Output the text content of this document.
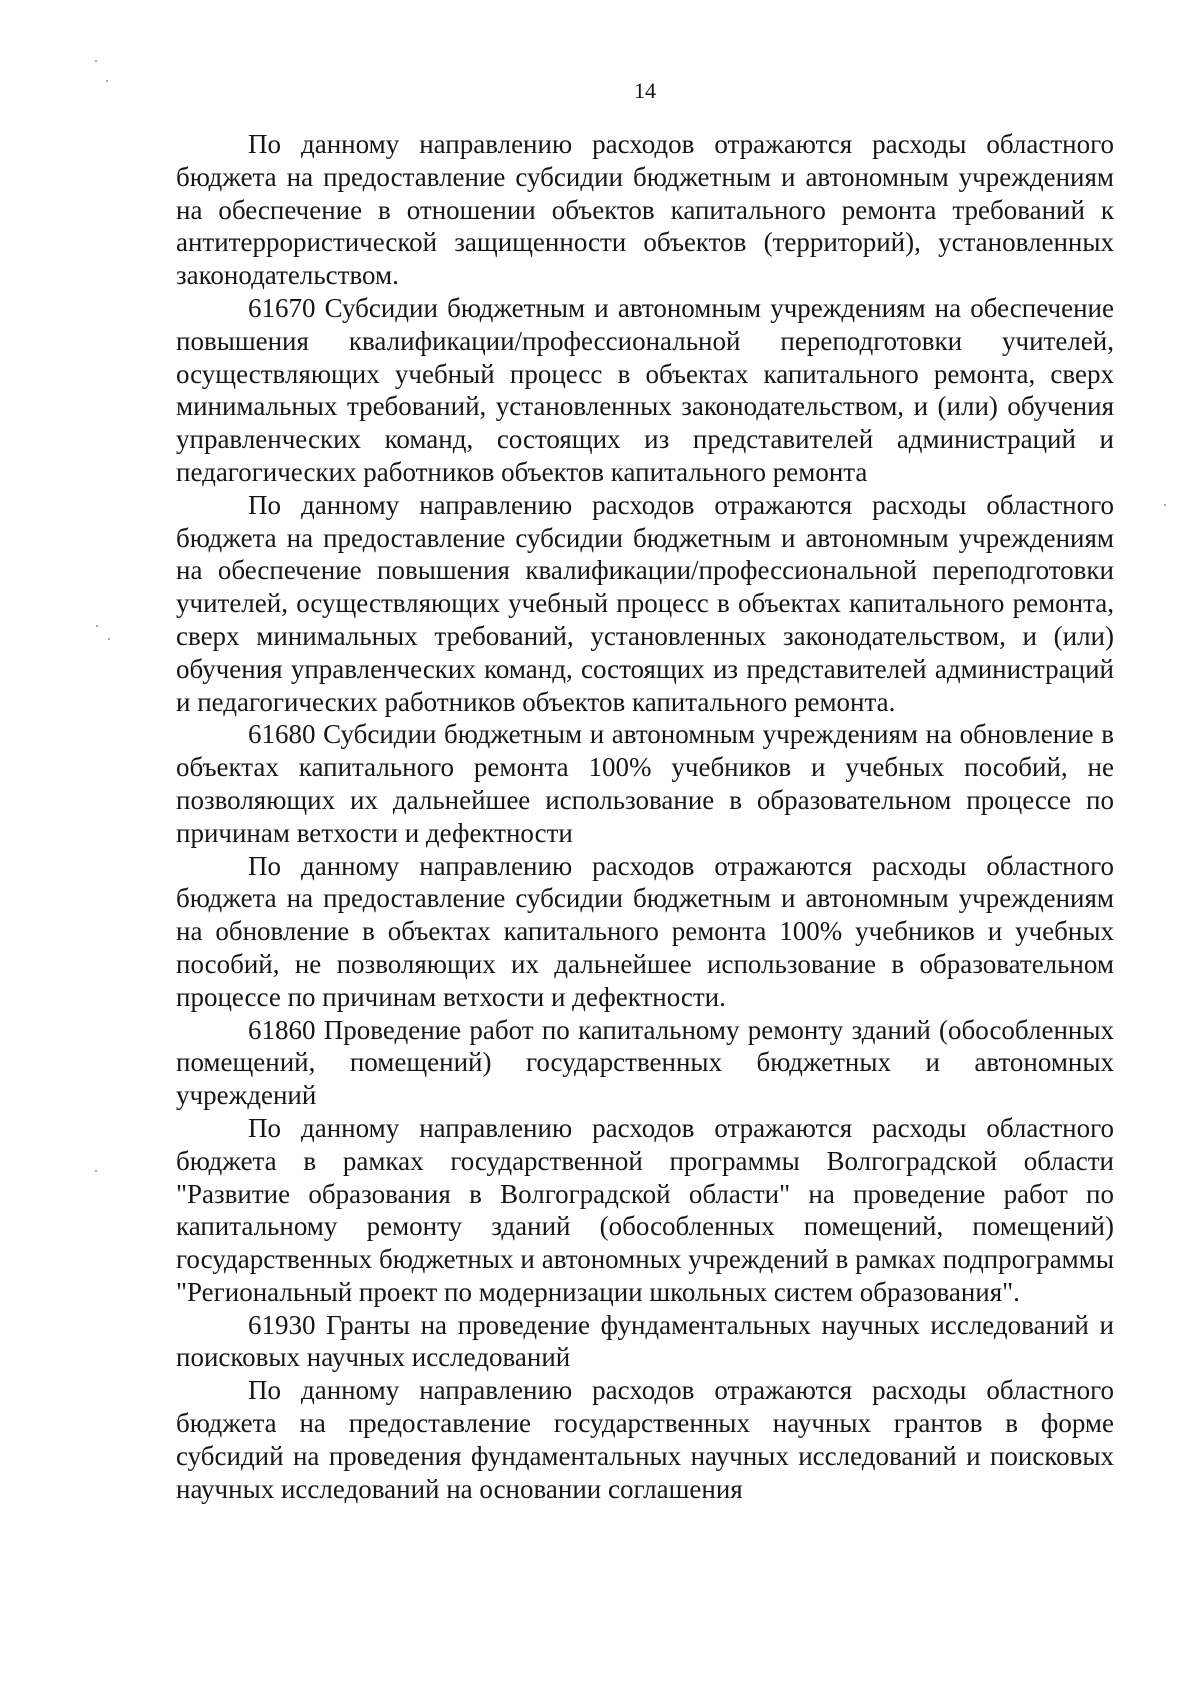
14

По данному направлению расходов отражаются расходы областного бюджета на предоставление субсидии бюджетным и автономным учреждениям на обеспечение в отношении объектов капитального ремонта требований к антитеррористической защищенности объектов (территорий), установленных законодательством.

61670 Субсидии бюджетным и автономным учреждениям на обеспечение повышения квалификации/профессиональной переподготовки учителей, осуществляющих учебный процесс в объектах капитального ремонта, сверх минимальных требований, установленных законодательством, и (или) обучения управленческих команд, состоящих из представителей администраций и педагогических работников объектов капитального ремонта

По данному направлению расходов отражаются расходы областного бюджета на предоставление субсидии бюджетным и автономным учреждениям на обеспечение повышения квалификации/профессиональной переподготовки учителей, осуществляющих учебный процесс в объектах капитального ремонта, сверх минимальных требований, установленных законодательством, и (или) обучения управленческих команд, состоящих из представителей администраций и педагогических работников объектов капитального ремонта.

61680 Субсидии бюджетным и автономным учреждениям на обновление в объектах капитального ремонта 100% учебников и учебных пособий, не позволяющих их дальнейшее использование в образовательном процессе по причинам ветхости и дефектности

По данному направлению расходов отражаются расходы областного бюджета на предоставление субсидии бюджетным и автономным учреждениям на обновление в объектах капитального ремонта 100% учебников и учебных пособий, не позволяющих их дальнейшее использование в образовательном процессе по причинам ветхости и дефектности.

61860 Проведение работ по капитальному ремонту зданий (обособленных помещений, помещений) государственных бюджетных и автономных учреждений

По данному направлению расходов отражаются расходы областного бюджета в рамках государственной программы Волгоградской области "Развитие образования в Волгоградской области" на проведение работ по капитальному ремонту зданий (обособленных помещений, помещений) государственных бюджетных и автономных учреждений в рамках подпрограммы "Региональный проект по модернизации школьных систем образования".

61930 Гранты на проведение фундаментальных научных исследований и поисковых научных исследований

По данному направлению расходов отражаются расходы областного бюджета на предоставление государственных научных грантов в форме субсидий на проведения фундаментальных научных исследований и поисковых научных исследований на основании соглашения
